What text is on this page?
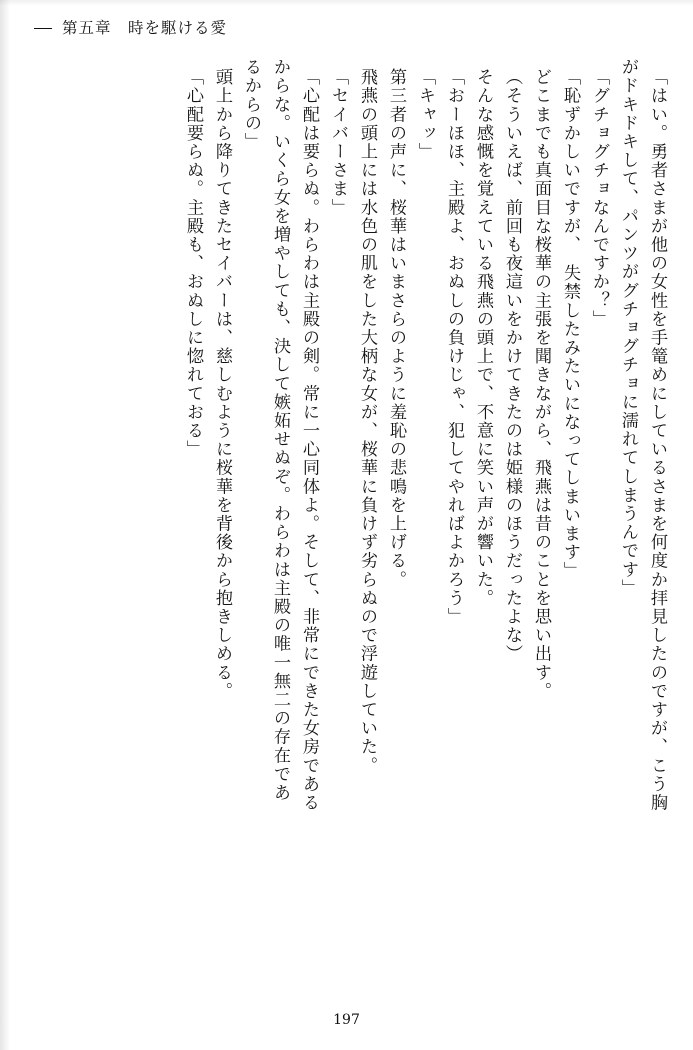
第五章　時を駆ける愛
「はい。勇者さまが他の女性を手篭めにしているさまを何度か拝見したのですが、こう胸
がドキドキして、パンツがグチョグチョに濡れてしまうんです」
「グチョグチョなんですか？」
「恥ずかしいですが、　失禁したみたいになってしまいます」
どこまでも真面目な桜華の主張を聞きながら、飛燕は昔のことを思い出す。
（そういえば、前回も夜這いをかけてきたのは姫様のほうだったよな）
そんな感慨を覚えている飛燕の頭上で、不意に笑い声が響いた。
「おーほほ、主殿よ、おぬしの負けじゃ、犯してやればよかろう」
「キャッ」
第三者の声に、桜華はいまさらのように羞恥の悲鳴を上げる。
飛燕の頭上には水色の肌をした大柄な女が、桜華に負けず劣らぬので浮遊していた。
「セイバーさま」
「心配は要らぬ。わらわは主殿の剣。常に一心同体よ。そして、非常にできた女房である
からな。いくら女を増やしても、決して嫉妬せぬぞ。わらわは主殿の唯一無二の存在であ
るからの」
頭上から降りてきたセイバーは、慈しむように桜華を背後から抱きしめる。
「心配要らぬ。主殿も、おぬしに惚れておる」
197
